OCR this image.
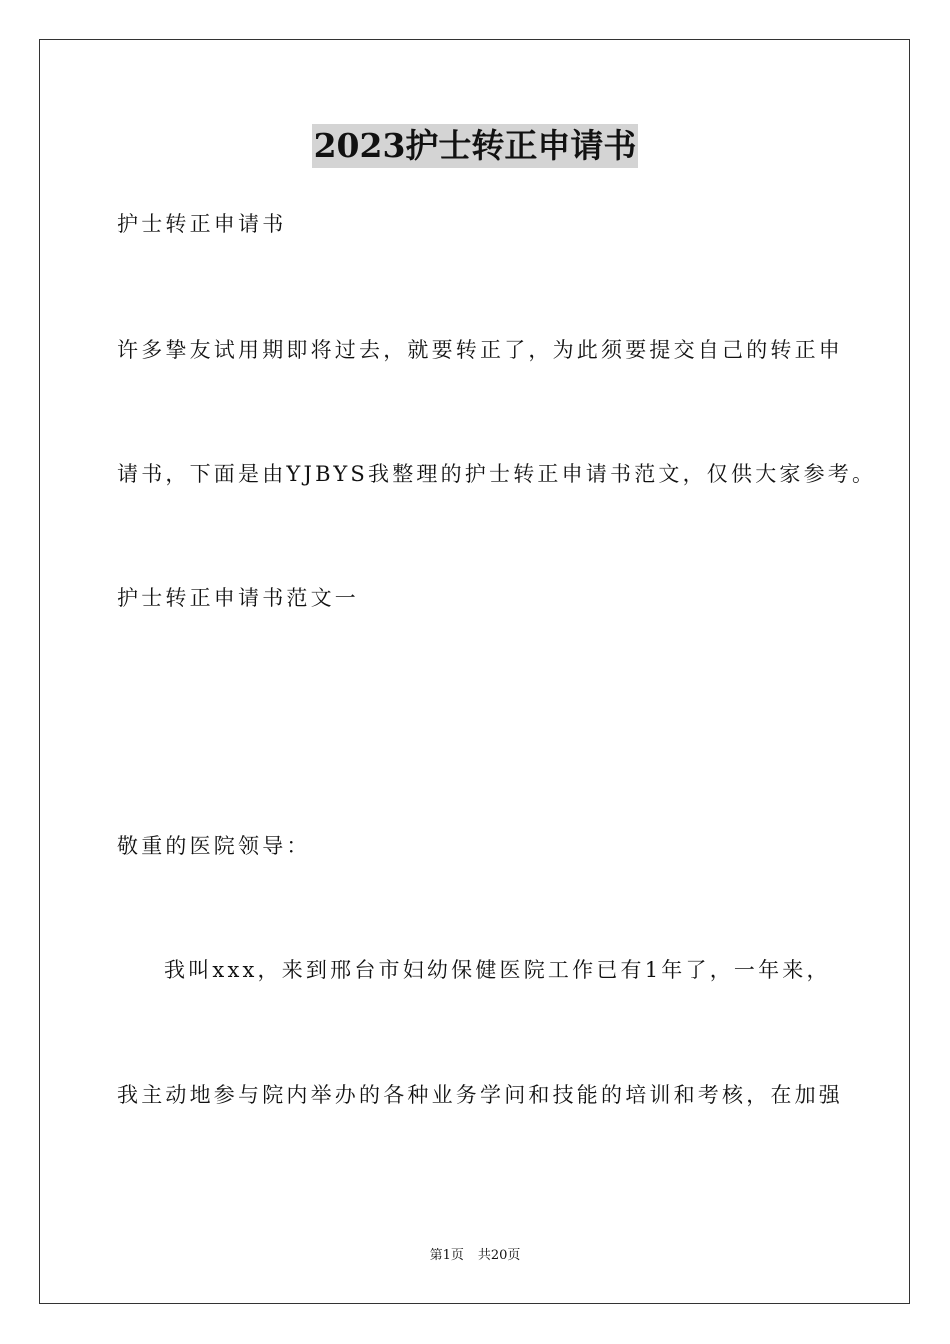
2023护士转正申请书
护士转正申请书
许多挚友试用期即将过去，就要转正了，为此须要提交自己的转正申
请书，下面是由YJBYS我整理的护士转正申请书范文，仅供大家参考。
护士转正申请书范文一
敬重的医院领导：
我叫xxx，来到邢台市妇幼保健医院工作已有1年了，一年来，
我主动地参与院内举办的各种业务学问和技能的培训和考核，在加强
第1页 共20页
